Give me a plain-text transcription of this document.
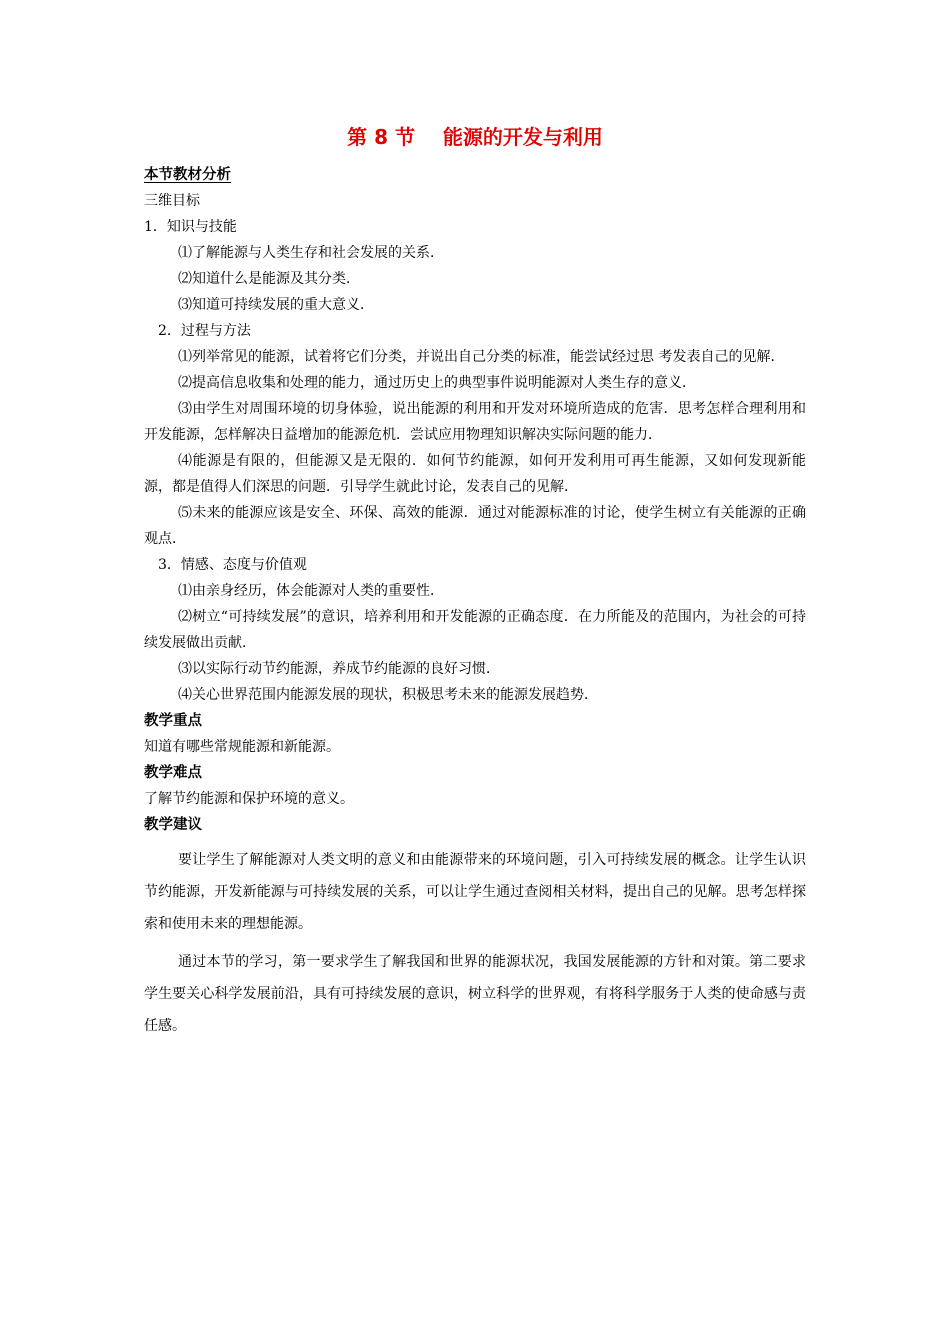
第 8 节    能源的开发与利用
本节教材分析
三维目标
1．知识与技能
⑴了解能源与人类生存和社会发展的关系．
⑵知道什么是能源及其分类．
⑶知道可持续发展的重大意义．
2．过程与方法

⑴列举常见的能源，试着将它们分类，并说出自己分类的标准，能尝试经过思 考发表自己的见解．

⑵提高信息收集和处理的能力，通过历史上的典型事件说明能源对人类生存的意义．

⑶由学生对周围环境的切身体验，说出能源的利用和开发对环境所造成的危害．思考怎样合理利用和开发能源，怎样解决日益增加的能源危机．尝试应用物理知识解决实际问题的能力．

⑷能源是有限的，但能源又是无限的．如何节约能源，如何开发利用可再生能源，又如何发现新能源，都是值得人们深思的问题．引导学生就此讨论，发表自己的见解．

⑸未来的能源应该是安全、环保、高效的能源．通过对能源标准的讨论，使学生树立有关能源的正确观点．

3．情感、态度与价值观

⑴由亲身经历，体会能源对人类的重要性．

⑵树立“可持续发展”的意识，培养利用和开发能源的正确态度．在力所能及的范围内，为社会的可持续发展做出贡献．

⑶以实际行动节约能源，养成节约能源的良好习惯．

⑷关心世界范围内能源发展的现状，积极思考未来的能源发展趋势．

教学重点
知道有哪些常规能源和新能源。
教学难点
了解节约能源和保护环境的意义。
教学建议

要让学生了解能源对人类文明的意义和由能源带来的环境问题，引入可持续发展的概念。让学生认识节约能源，开发新能源与可持续发展的关系，可以让学生通过查阅相关材料，提出自己的见解。思考怎样探索和使用未来的理想能源。

通过本节的学习，第一要求学生了解我国和世界的能源状况，我国发展能源的方针和对策。第二要求学生要关心科学发展前沿，具有可持续发展的意识，树立科学的世界观，有将科学服务于人类的使命感与责任感。
